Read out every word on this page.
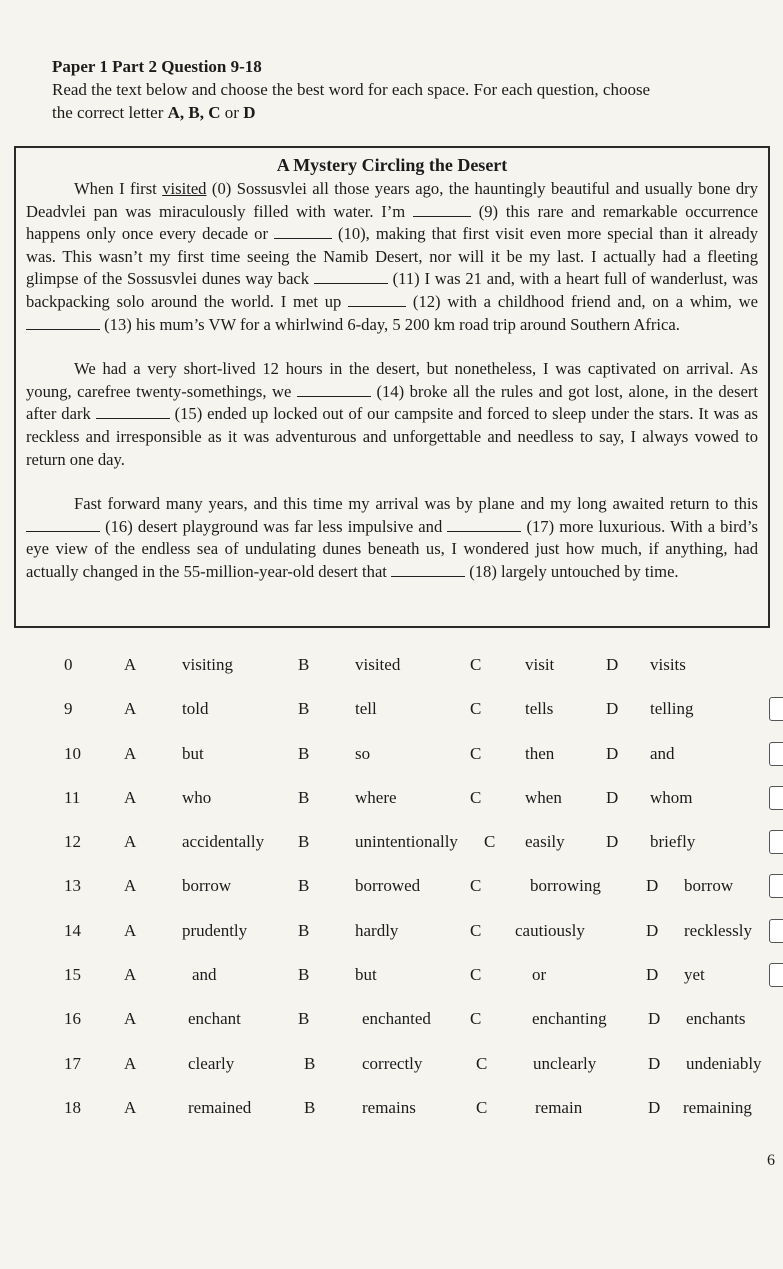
Paper 1 Part 2 Question 9-18
Read the text below and choose the best word for each space. For each question, choose
the correct letter A, B, C or D
A Mystery Circling the Desert

When I first visited (0) Sossusvlei all those years ago, the hauntingly beautiful and usually bone dry Deadvlei pan was miraculously filled with water. I’m	(9) this rare and remarkable occurrence happens only once every decade or	(10), making that first visit even more special than it already was. This wasn’t my first time seeing the Namib Desert, nor will it be my last. I actually had a fleeting glimpse of the Sossusvlei dunes way back	(11) I was 21 and, with a heart full of wanderlust, was backpacking solo around the world. I met up	(12) with a childhood friend and, on a whim, we  (13) his mum’s VW for a whirlwind 6-day, 5 200 km road trip around Southern Africa.

We had a very short-lived 12 hours in the desert, but nonetheless, I was captivated on arrival. As young, carefree twenty-somethings, we	(14) broke all the rules and got lost, alone, in the desert after dark	(15) ended up locked out of our campsite and forced to sleep under the stars. It was as reckless and irresponsible as it was adventurous and unforgettable and needless to say, I always vowed to return one day.

Fast forward many years, and this time my arrival was by plane and my long awaited return to this  (16) desert playground was far less impulsive and	(17) more luxurious. With a bird’s eye view of the endless sea of undulating dunes beneath us, I wondered just how much, if anything, had actually changed in the 55-million-year-old desert that	(18) largely untouched by time.

0	A	visiting	B	visited	C	visit	D visits
9	A	told	B	tell	C	tells	D telling
10	A	but	B	so	C	then	D and
11	A	who	B	where	C	when	D whom
12	A	accidentally B	unintentionally C easily D briefly
13	A	borrow	B	borrowed	C	borrowing	D borrow
14	A	prudently	B	hardly	C cautiously	D recklessly
15	A	and	B	but	C	or	D yet
16	A	enchant	B	enchanted C	enchanting D enchants
17	A	clearly	B	correctly	C	unclearly	D undeniably
18	A	remained	B	remains	C	remain	D remaining
6
